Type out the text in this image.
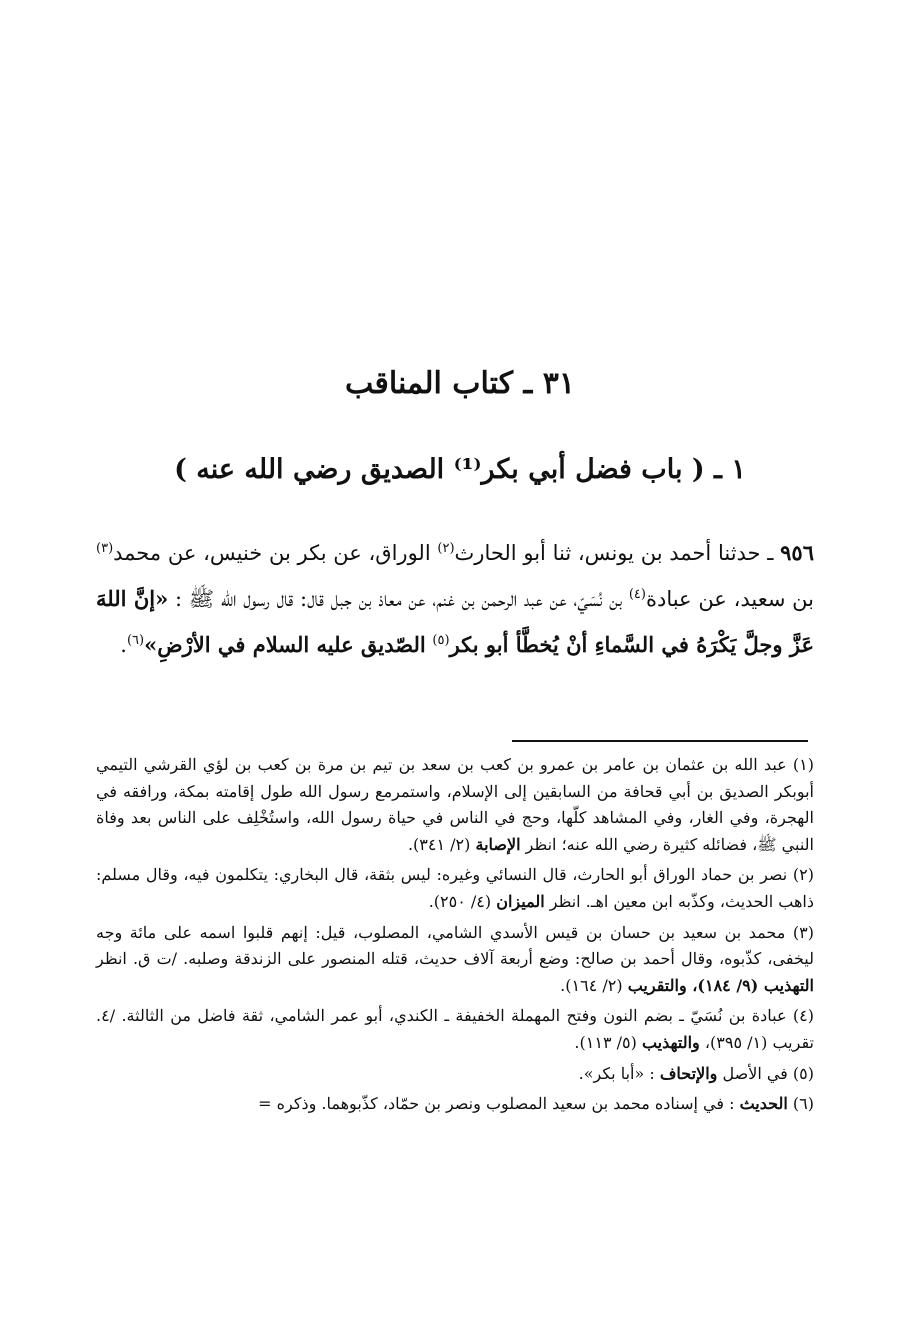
٣١ ـ كتاب المناقب
١ ـ ( باب فضل أبي بكر⁽¹⁾ الصديق رضي الله عنه )
٩٥٦ ـ حدثنا أحمد بن يونس، ثنا أبو الحارث$^{(٢)}$ الوراق، عن بكر بن خنيس، عن محمد$^{(٣)}$ بن سعيد، عن عبادة$^{(٤)}$ بن نُسَيّ، عن عبد الرحمن بن غنم، عن معاذ بن جبل قال: قال رسول الله ﷺ : «إنَّ اللهَ عَزَّ وجلَّ يَكْرَهُ في السَّماءِ أنْ يُخطَّأ أبو بكر$^{(٥)}$ الصّديق عليه السلام في الأرْضِ»$^{(٦)}$.

(١) عبد الله بن عثمان بن عامر بن عمرو بن كعب بن سعد بن تيم بن مرة بن كعب بن لؤي القرشي التيمي أبوبكر الصديق بن أبي قحافة من السابقين إلى الإسلام، واستمرمع رسول الله طول إقامته بمكة، ورافقه في الهجرة، وفي الغار، وفي المشاهد كلّها، وحج في الناس في حياة رسول الله، واستُخْلِف على الناس بعد وفاة النبي ﷺ، فضائله كثيرة رضي الله عنه؛ انظر الإصابة (٢/ ٣٤١).

(٢) نصر بن حماد الوراق أبو الحارث، قال النسائي وغيره: ليس بثقة، قال البخاري: يتكلمون فيه، وقال مسلم: ذاهب الحديث، وكذّبه ابن معين اهـ. انظر الميزان (٤/ ٢٥٠).

(٣) محمد بن سعيد بن حسان بن قيس الأسدي الشامي، المصلوب، قيل: إنهم قلبوا اسمه على مائة وجه ليخفى، كذّبوه، وقال أحمد بن صالح: وضع أربعة آلاف حديث، قتله المنصور على الزندقة وصلبه. /ت ق. انظر التهذيب (٩/ ١٨٤)، والتقريب (٢/ ١٦٤).

(٤) عبادة بن نُسَيّ ـ بضم النون وفتح المهملة الخفيفة ـ الكندي، أبو عمر الشامي، ثقة فاضل من الثالثة. /٤. تقريب (١/ ٣٩٥)، والتهذيب (٥/ ١١٣).

(٥) في الأصل والإتحاف : «أبا بكر».

(٦) الحديث : في إسناده محمد بن سعيد المصلوب ونصر بن حمّاد، كذّبوهما. وذكره =
